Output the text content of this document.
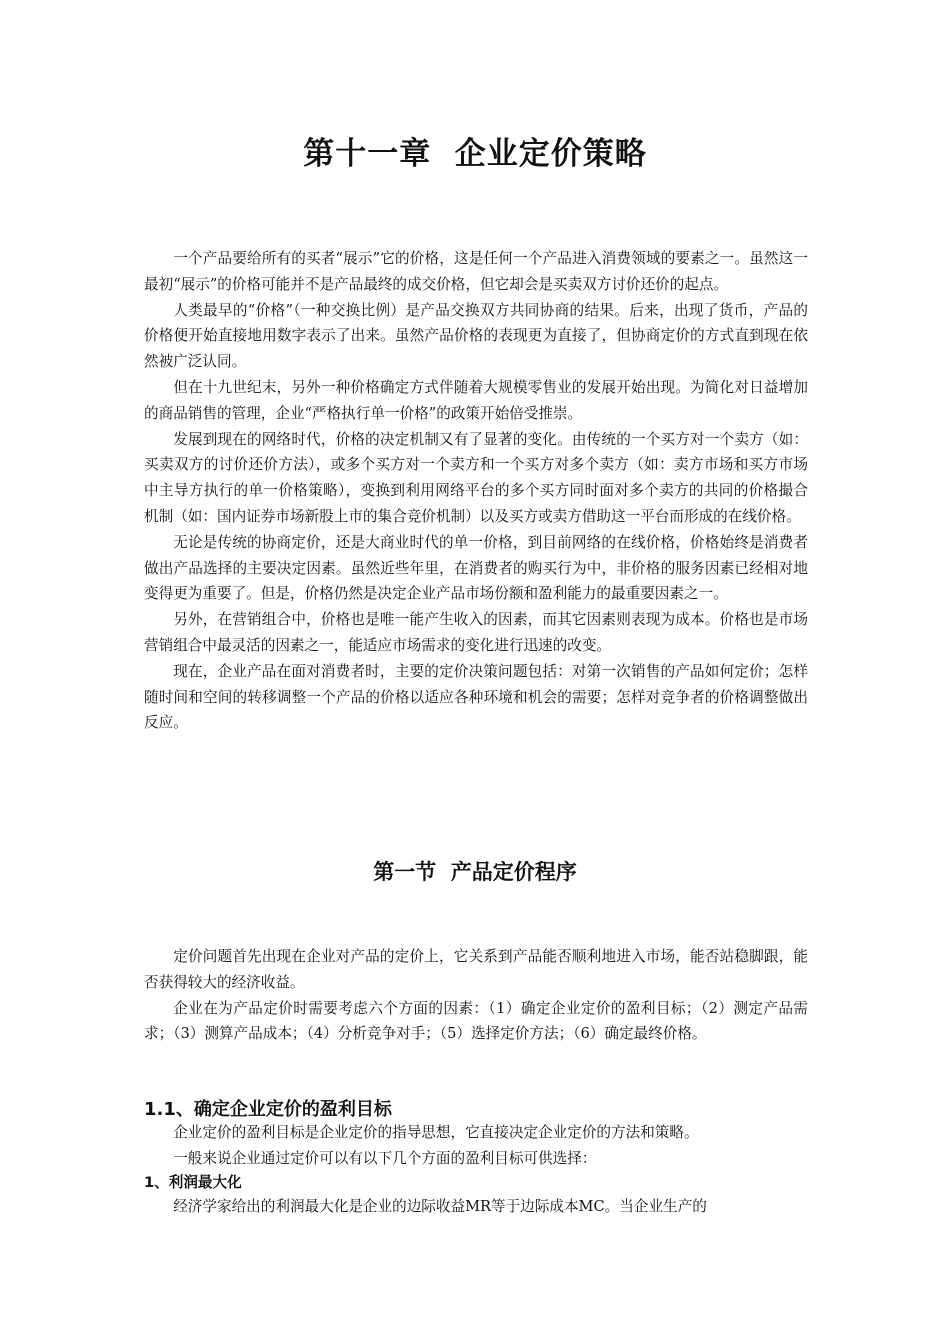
第十一章  企业定价策略

一个产品要给所有的买者“展示”它的价格，这是任何一个产品进入消费领域的要素之一。虽然这一最初“展示”的价格可能并不是产品最终的成交价格，但它却会是买卖双方讨价还价的起点。

人类最早的“价格”（一种交换比例）是产品交换双方共同协商的结果。后来，出现了货币，产品的价格便开始直接地用数字表示了出来。虽然产品价格的表现更为直接了，但协商定价的方式直到现在依然被广泛认同。

但在十九世纪末，另外一种价格确定方式伴随着大规模零售业的发展开始出现。为简化对日益增加的商品销售的管理，企业“严格执行单一价格”的政策开始倍受推崇。

发展到现在的网络时代，价格的决定机制又有了显著的变化。由传统的一个买方对一个卖方（如：买卖双方的讨价还价方法），或多个买方对一个卖方和一个买方对多个卖方（如：卖方市场和买方市场中主导方执行的单一价格策略），变换到利用网络平台的多个买方同时面对多个卖方的共同的价格撮合机制（如：国内证券市场新股上市的集合竞价机制）以及买方或卖方借助这一平台而形成的在线价格。

无论是传统的协商定价，还是大商业时代的单一价格，到目前网络的在线价格，价格始终是消费者做出产品选择的主要决定因素。虽然近些年里，在消费者的购买行为中，非价格的服务因素已经相对地变得更为重要了。但是，价格仍然是决定企业产品市场份额和盈利能力的最重要因素之一。

另外，在营销组合中，价格也是唯一能产生收入的因素，而其它因素则表现为成本。价格也是市场营销组合中最灵活的因素之一，能适应市场需求的变化进行迅速的改变。

现在，企业产品在面对消费者时，主要的定价决策问题包括：对第一次销售的产品如何定价；怎样随时间和空间的转移调整一个产品的价格以适应各种环境和机会的需要；怎样对竞争者的价格调整做出反应。

第一节  产品定价程序

定价问题首先出现在企业对产品的定价上，它关系到产品能否顺利地进入市场，能否站稳脚跟，能否获得较大的经济收益。

企业在为产品定价时需要考虑六个方面的因素：（1）确定企业定价的盈利目标；（2）测定产品需求；（3）测算产品成本；（4）分析竞争对手；（5）选择定价方法；（6）确定最终价格。

1.1、确定企业定价的盈利目标

企业定价的盈利目标是企业定价的指导思想，它直接决定企业定价的方法和策略。

一般来说企业通过定价可以有以下几个方面的盈利目标可供选择：

1、利润最大化

经济学家给出的利润最大化是企业的边际收益MR等于边际成本MC。当企业生产的
